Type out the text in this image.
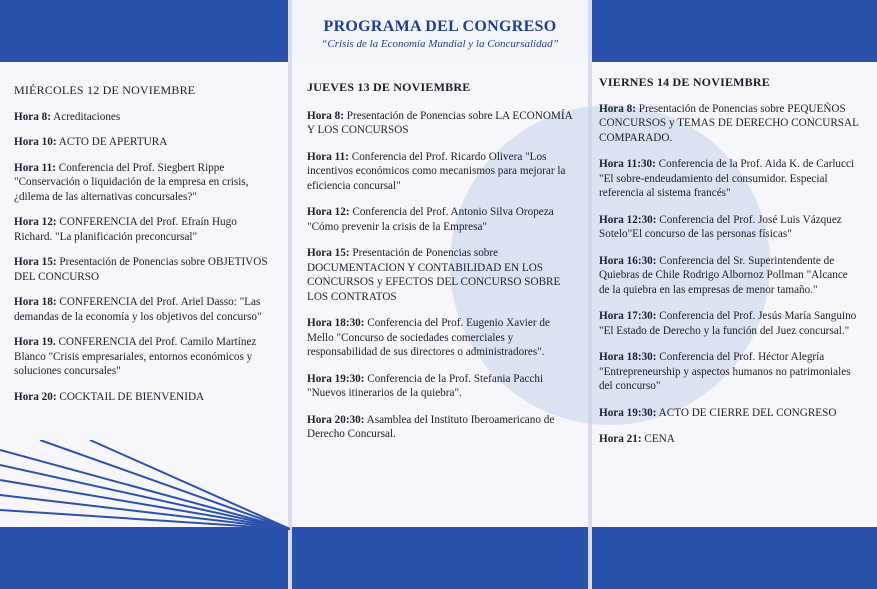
PROGRAMA DEL CONGRESO
“Crisis de la Economía Mundial y la Concursalidad”
MIÉRCOLES 12 DE NOVIEMBRE
Hora 8: Acreditaciones
Hora 10: ACTO DE APERTURA
Hora 11: Conferencia del Prof. Siegbert Rippe "Conservación o liquidación de la empresa en crisis, ¿dilema de las alternativas concursales?"
Hora 12: CONFERENCIA del Prof. Efraín Hugo Richard. "La planificación preconcursal"
Hora 15: Presentación de Ponencias sobre OBJETIVOS DEL CONCURSO
Hora 18: CONFERENCIA del Prof. Ariel Dasso: "Las demandas de la economía y los objetivos del concurso"
Hora 19. CONFERENCIA del Prof. Camilo Martínez Blanco "Crisis empresariales, entornos económicos y soluciones concursales"
Hora 20: COCKTAIL DE BIENVENIDA
JUEVES 13 DE NOVIEMBRE
Hora 8: Presentación de Ponencias sobre LA ECONOMÍA Y LOS CONCURSOS
Hora 11: Conferencia del Prof. Ricardo Olivera "Los incentivos económicos como mecanismos para mejorar la eficiencia concursal"
Hora 12: Conferencia del Prof. Antonio Silva Oropeza "Cómo prevenir la crisis de la Empresa"
Hora 15: Presentación de Ponencias sobre DOCUMENTACION Y CONTABILIDAD EN LOS CONCURSOS y EFECTOS DEL CONCURSO SOBRE LOS CONTRATOS
Hora 18:30: Conferencia del Prof. Eugenio Xavier de Mello "Concurso de sociedades comerciales y responsabilidad de sus directores o administradores".
Hora 19:30: Conferencia de la Prof. Stefania Pacchi "Nuevos itinerarios de la quiebra".
Hora 20:30: Asamblea del Instituto Iberoamericano de Derecho Concursal.
VIERNES 14 DE NOVIEMBRE
Hora 8: Presentación de Ponencias sobre PEQUEÑOS CONCURSOS y TEMAS DE DERECHO CONCURSAL COMPARADO.
Hora 11:30: Conferencia de la Prof. Aida K. de Carlucci "El sobre-endeudamiento del consumidor. Especial referencia al sistema francés"
Hora 12:30: Conferencia del Prof. José Luis Vázquez Sotelo"El concurso de las personas físicas"
Hora 16:30: Conferencia del Sr. Superintendente de Quiebras de Chile Rodrigo Albornoz Pollman "Alcance de la quiebra en las empresas de menor tamaño."
Hora 17:30: Conferencia del Prof. Jesús María Sanguino "El Estado de Derecho y la función del Juez concursal."
Hora 18:30: Conferencia del Prof. Héctor Alegría "Entrepreneurship y aspectos humanos no patrimoniales del concurso"
Hora 19:30: ACTO DE CIERRE DEL CONGRESO
Hora 21: CENA
